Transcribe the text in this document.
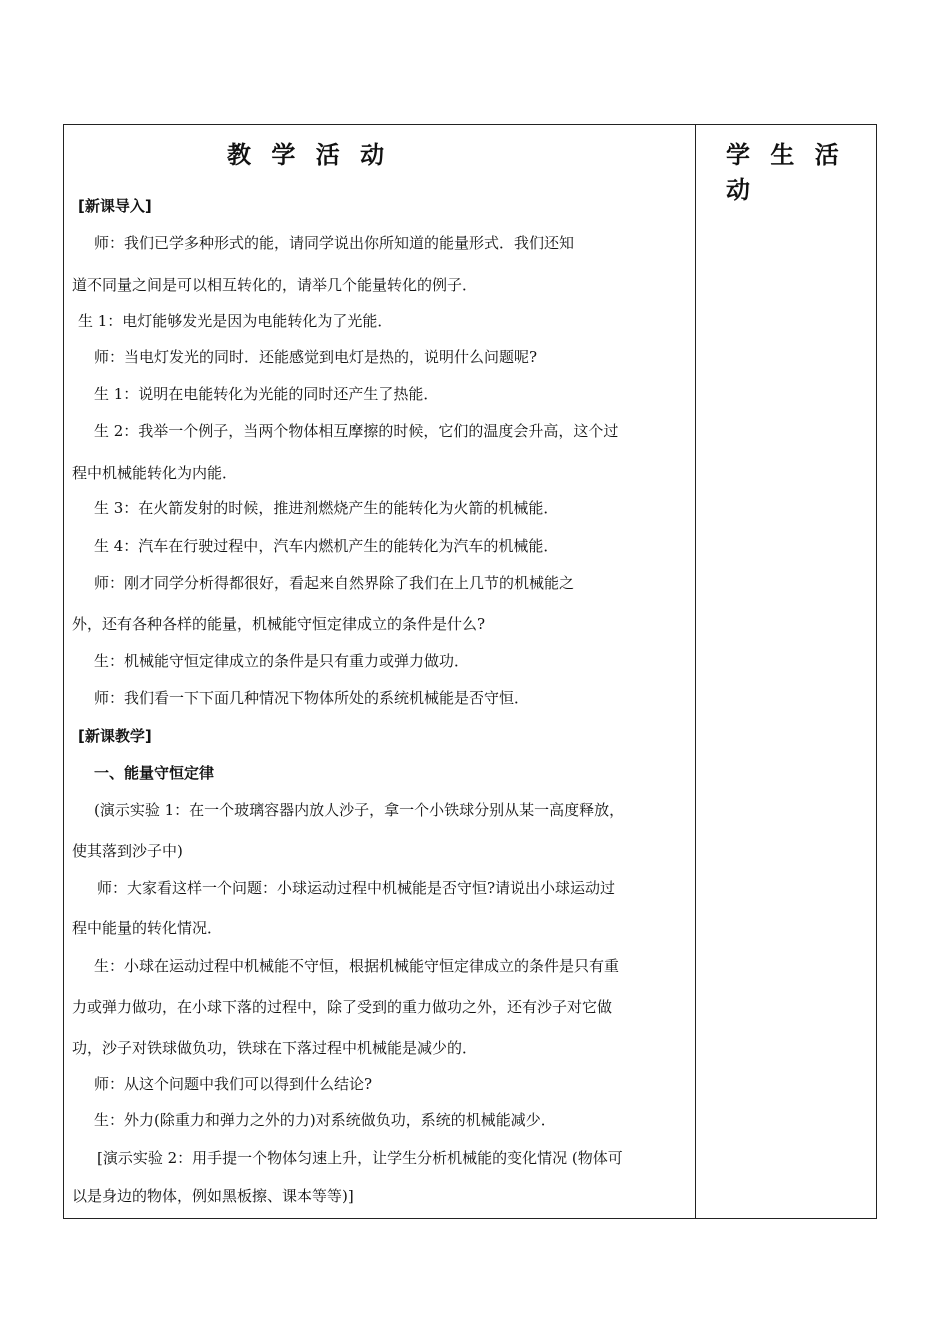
教 学 活 动	学 生 活 动
[新课导入]
师：我们已学多种形式的能，请同学说出你所知道的能量形式．我们还知
道不同量之间是可以相互转化的，请举几个能量转化的例子．
生 1：电灯能够发光是因为电能转化为了光能．
师：当电灯发光的同时．还能感觉到电灯是热的，说明什么问题呢?
生 1：说明在电能转化为光能的同时还产生了热能．
生 2：我举一个例子，当两个物体相互摩擦的时候，它们的温度会升高，这个过
程中机械能转化为内能．
生 3：在火箭发射的时候，推进剂燃烧产生的能转化为火箭的机械能．
生 4：汽车在行驶过程中，汽车内燃机产生的能转化为汽车的机械能．
师：刚才同学分析得都很好，看起来自然界除了我们在上几节的机械能之
外，还有各种各样的能量，机械能守恒定律成立的条件是什么?
生：机械能守恒定律成立的条件是只有重力或弹力做功．
师：我们看一下下面几种情况下物体所处的系统机械能是否守恒．
[新课教学]
一、能量守恒定律
(演示实验 1：在一个玻璃容器内放人沙子，拿一个小铁球分别从某一高度释放，
使其落到沙子中)
师：大家看这样一个问题：小球运动过程中机械能是否守恒?请说出小球运动过
程中能量的转化情况．
生：小球在运动过程中机械能不守恒，根据机械能守恒定律成立的条件是只有重
力或弹力做功，在小球下落的过程中，除了受到的重力做功之外，还有沙子对它做
功，沙子对铁球做负功，铁球在下落过程中机械能是减少的．
师：从这个问题中我们可以得到什么结论?
生：外力(除重力和弹力之外的力)对系统做负功，系统的机械能减少．
[演示实验 2：用手提一个物体匀速上升，让学生分析机械能的变化情况 (物体可
以是身边的物体，例如黑板擦、课本等等)]
